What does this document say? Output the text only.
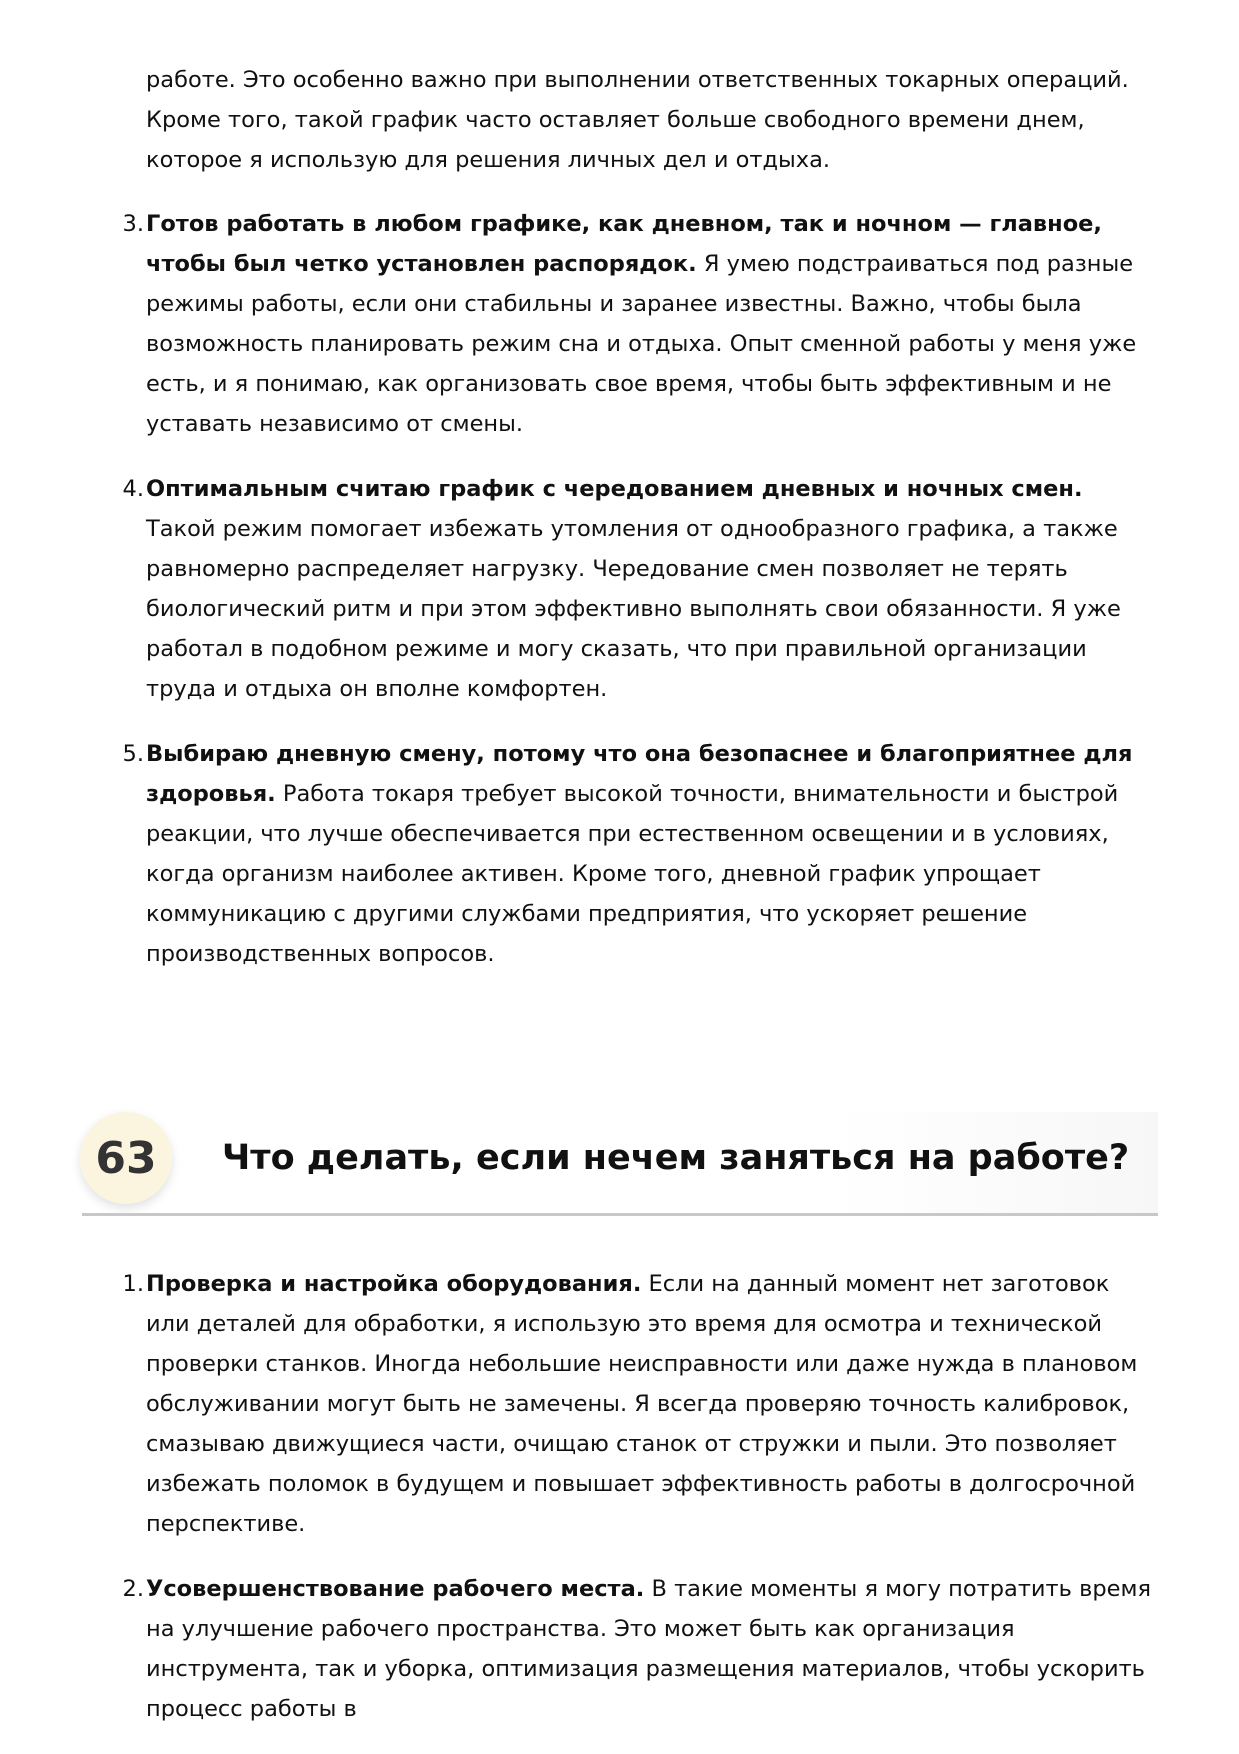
работе. Это особенно важно при выполнении ответственных токарных операций. Кроме того, такой график часто оставляет больше свободного времени днем, которое я использую для решения личных дел и отдыха.

3. Готов работать в любом графике, как дневном, так и ночном — главное, чтобы был четко установлен распорядок. Я умею подстраиваться под разные режимы работы, если они стабильны и заранее известны. Важно, чтобы была возможность планировать режим сна и отдыха. Опыт сменной работы у меня уже есть, и я понимаю, как организовать свое время, чтобы быть эффективным и не уставать независимо от смены.
4. Оптимальным считаю график с чередованием дневных и ночных смен. Такой режим помогает избежать утомления от однообразного графика, а также равномерно распределяет нагрузку. Чередование смен позволяет не терять биологический ритм и при этом эффективно выполнять свои обязанности. Я уже работал в подобном режиме и могу сказать, что при правильной организации труда и отдыха он вполне комфортен.
5. Выбираю дневную смену, потому что она безопаснее и благоприятнее для здоровья. Работа токаря требует высокой точности, внимательности и быстрой реакции, что лучше обеспечивается при естественном освещении и в условиях, когда организм наиболее активен. Кроме того, дневной график упрощает коммуникацию с другими службами предприятия, что ускоряет решение производственных вопросов.
63	Что делать, если нечем заняться на работе?
1. Проверка и настройка оборудования. Если на данный момент нет заготовок или деталей для обработки, я использую это время для осмотра и технической проверки станков. Иногда небольшие неисправности или даже нужда в плановом обслуживании могут быть не замечены. Я всегда проверяю точность калибровок, смазываю движущиеся части, очищаю станок от стружки и пыли. Это позволяет избежать поломок в будущем и повышает эффективность работы в долгосрочной перспективе.
2. Усовершенствование рабочего места. В такие моменты я могу потратить время на улучшение рабочего пространства. Это может быть как организация инструмента, так и уборка, оптимизация размещения материалов, чтобы ускорить процесс работы в
